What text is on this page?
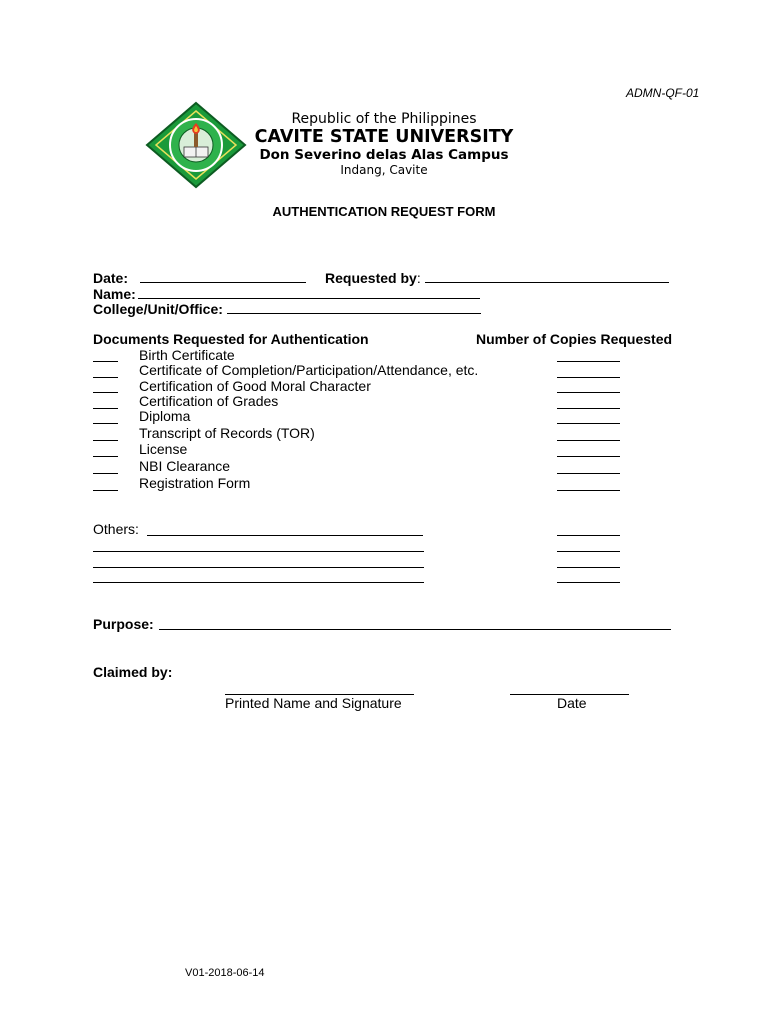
ADMN-QF-01
Republic of the Philippines
CAVITE STATE UNIVERSITY
Don Severino delas Alas Campus
Indang, Cavite
AUTHENTICATION REQUEST FORM
Date:	Requested by:
Name:
College/Unit/Office:
Documents Requested for Authentication	Number of Copies Requested
Birth Certificate
Certificate of Completion/Participation/Attendance, etc.
Certification of Good Moral Character
Certification of Grades
Diploma
Transcript of Records (TOR)
License
NBI Clearance
Registration Form
Others:
Purpose:
Claimed by:
Printed Name and Signature	Date
V01-2018-06-14
